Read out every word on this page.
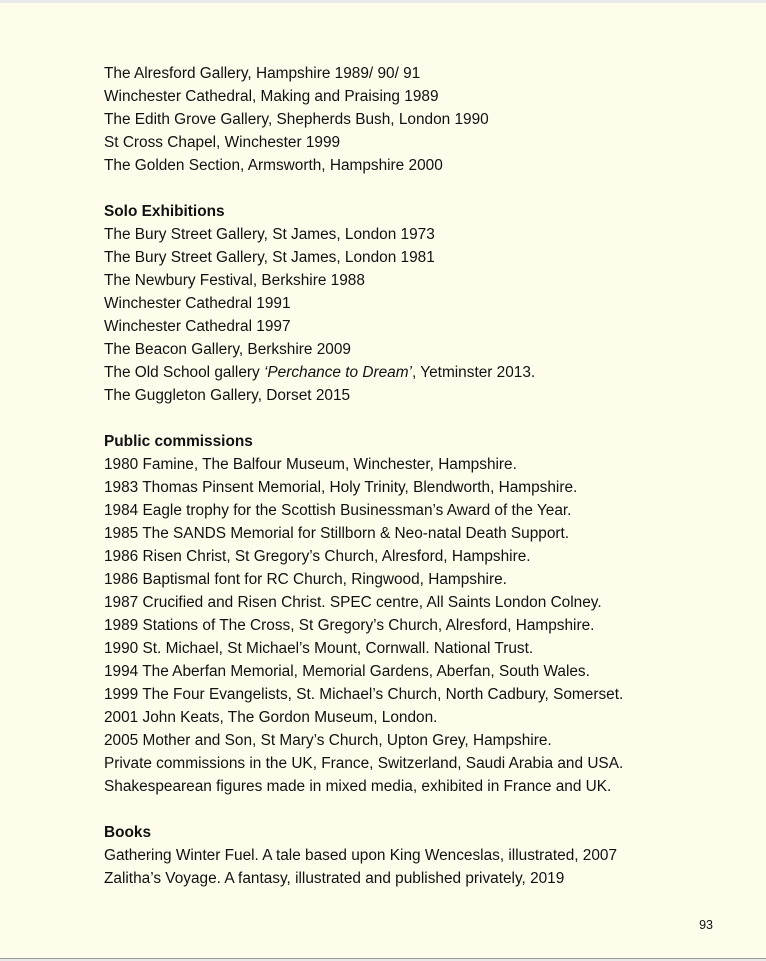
The Alresford Gallery, Hampshire 1989/ 90/ 91
Winchester Cathedral, Making and Praising 1989
The Edith Grove Gallery, Shepherds Bush, London 1990
St Cross Chapel, Winchester 1999
The Golden Section, Armsworth, Hampshire 2000
Solo Exhibitions
The Bury Street Gallery, St James, London 1973
The Bury Street Gallery, St James, London 1981
The Newbury Festival, Berkshire 1988
Winchester Cathedral 1991
Winchester Cathedral 1997
The Beacon Gallery, Berkshire 2009
The Old School gallery ‘Perchance to Dream’, Yetminster 2013.
The Guggleton Gallery, Dorset 2015
Public commissions
1980 Famine, The Balfour Museum, Winchester, Hampshire.
1983 Thomas Pinsent Memorial, Holy Trinity, Blendworth, Hampshire.
1984 Eagle trophy for the Scottish Businessman’s Award of the Year.
1985 The SANDS Memorial for Stillborn & Neo-natal Death Support.
1986 Risen Christ, St Gregory’s Church, Alresford, Hampshire.
1986 Baptismal font for RC Church, Ringwood, Hampshire.
1987 Crucified and Risen Christ. SPEC centre, All Saints London Colney.
1989 Stations of The Cross, St Gregory’s Church, Alresford, Hampshire.
1990 St. Michael, St Michael’s Mount, Cornwall. National Trust.
1994 The Aberfan Memorial, Memorial Gardens, Aberfan, South Wales.
1999 The Four Evangelists, St. Michael’s Church, North Cadbury, Somerset.
2001 John Keats, The Gordon Museum, London.
2005 Mother and Son, St Mary’s Church, Upton Grey, Hampshire.
Private commissions in the UK, France, Switzerland, Saudi Arabia and USA.
Shakespearean figures made in mixed media, exhibited in France and UK.
Books
Gathering Winter Fuel. A tale based upon King Wenceslas, illustrated, 2007
Zalitha’s Voyage. A fantasy, illustrated and published privately, 2019
93
